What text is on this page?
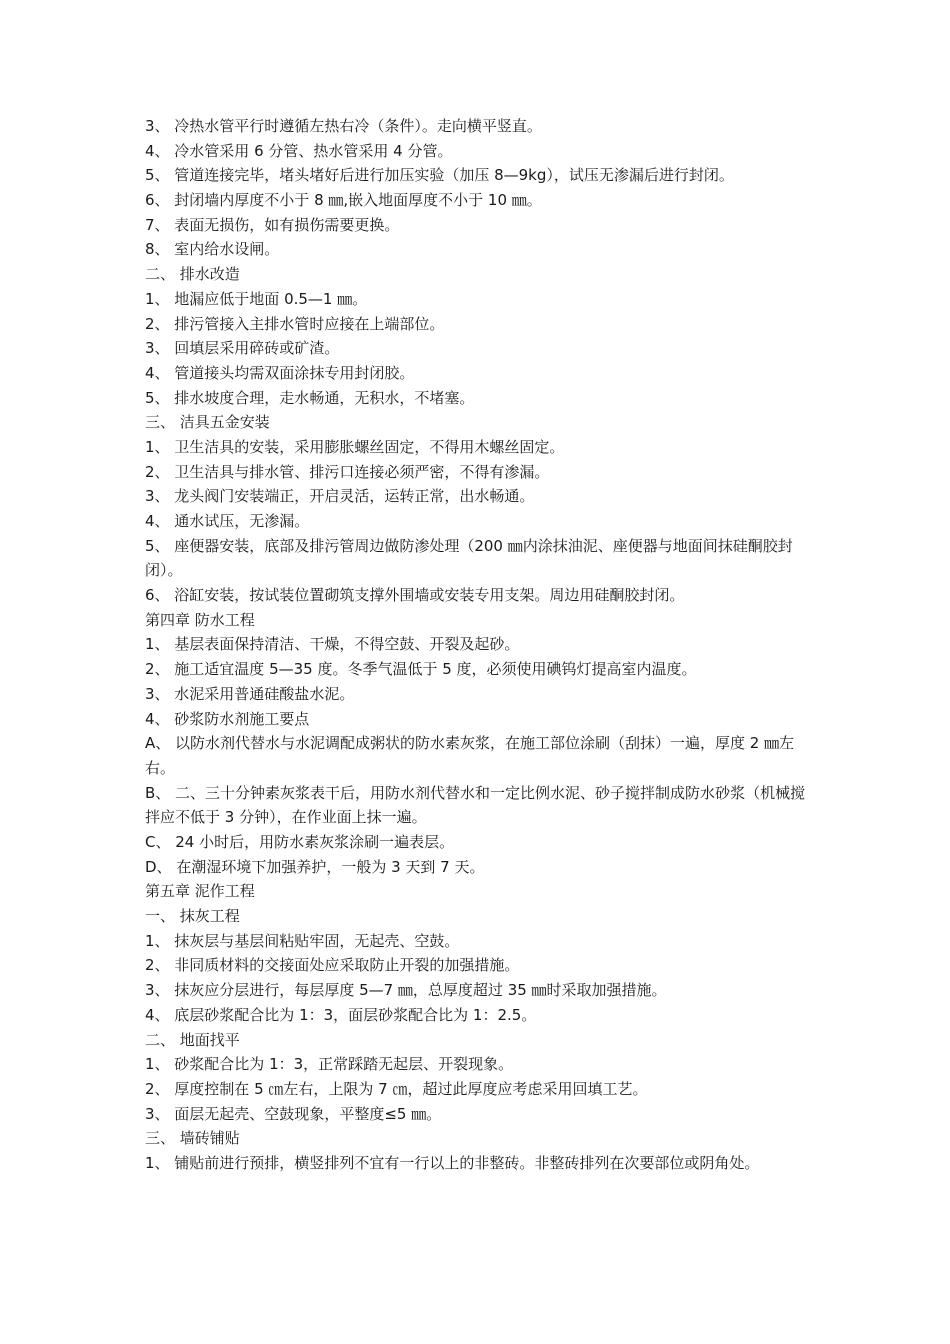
3、 冷热水管平行时遵循左热右冷（条件）。走向横平竖直。
4、 冷水管采用 6 分管、热水管采用 4 分管。
5、 管道连接完毕，堵头堵好后进行加压实验（加压 8—9kg），试压无渗漏后进行封闭。
6、 封闭墙内厚度不小于 8 ㎜,嵌入地面厚度不小于 10 ㎜。
7、 表面无损伤，如有损伤需要更换。
8、 室内给水设闸。
二、 排水改造
1、 地漏应低于地面 0.5—1 ㎜。
2、 排污管接入主排水管时应接在上端部位。
3、 回填层采用碎砖或矿渣。
4、 管道接头均需双面涂抹专用封闭胶。
5、 排水坡度合理，走水畅通，无积水，不堵塞。
三、 洁具五金安装
1、 卫生洁具的安装，采用膨胀螺丝固定，不得用木螺丝固定。
2、 卫生洁具与排水管、排污口连接必须严密，不得有渗漏。
3、 龙头阀门安装端正，开启灵活，运转正常，出水畅通。
4、 通水试压，无渗漏。
5、 座便器安装，底部及排污管周边做防渗处理（200 ㎜内涂抹油泥、座便器与地面间抹硅酮胶封闭）。
6、 浴缸安装，按试装位置砌筑支撑外围墙或安装专用支架。周边用硅酮胶封闭。
第四章 防水工程
1、 基层表面保持清洁、干燥，不得空鼓、开裂及起砂。
2、 施工适宜温度 5—35 度。冬季气温低于 5 度，必须使用碘钨灯提高室内温度。
3、 水泥采用普通硅酸盐水泥。
4、 砂浆防水剂施工要点
A、 以防水剂代替水与水泥调配成粥状的防水素灰浆，在施工部位涂刷（刮抹）一遍，厚度 2 ㎜左右。
B、 二、三十分钟素灰浆表干后，用防水剂代替水和一定比例水泥、砂子搅拌制成防水砂浆（机械搅拌应不低于 3 分钟），在作业面上抹一遍。
C、 24 小时后，用防水素灰浆涂刷一遍表层。
D、 在潮湿环境下加强养护，一般为 3 天到 7 天。
第五章 泥作工程
一、 抹灰工程
1、 抹灰层与基层间粘贴牢固，无起壳、空鼓。
2、 非同质材料的交接面处应采取防止开裂的加强措施。
3、 抹灰应分层进行，每层厚度 5—7 ㎜，总厚度超过 35 ㎜时采取加强措施。
4、 底层砂浆配合比为 1：3，面层砂浆配合比为 1：2.5。
二、 地面找平
1、 砂浆配合比为 1：3，正常踩踏无起层、开裂现象。
2、 厚度控制在 5 ㎝左右，上限为 7 ㎝，超过此厚度应考虑采用回填工艺。
3、 面层无起壳、空鼓现象，平整度≤5 ㎜。
三、 墙砖铺贴
1、 铺贴前进行预排，横竖排列不宜有一行以上的非整砖。非整砖排列在次要部位或阴角处。
